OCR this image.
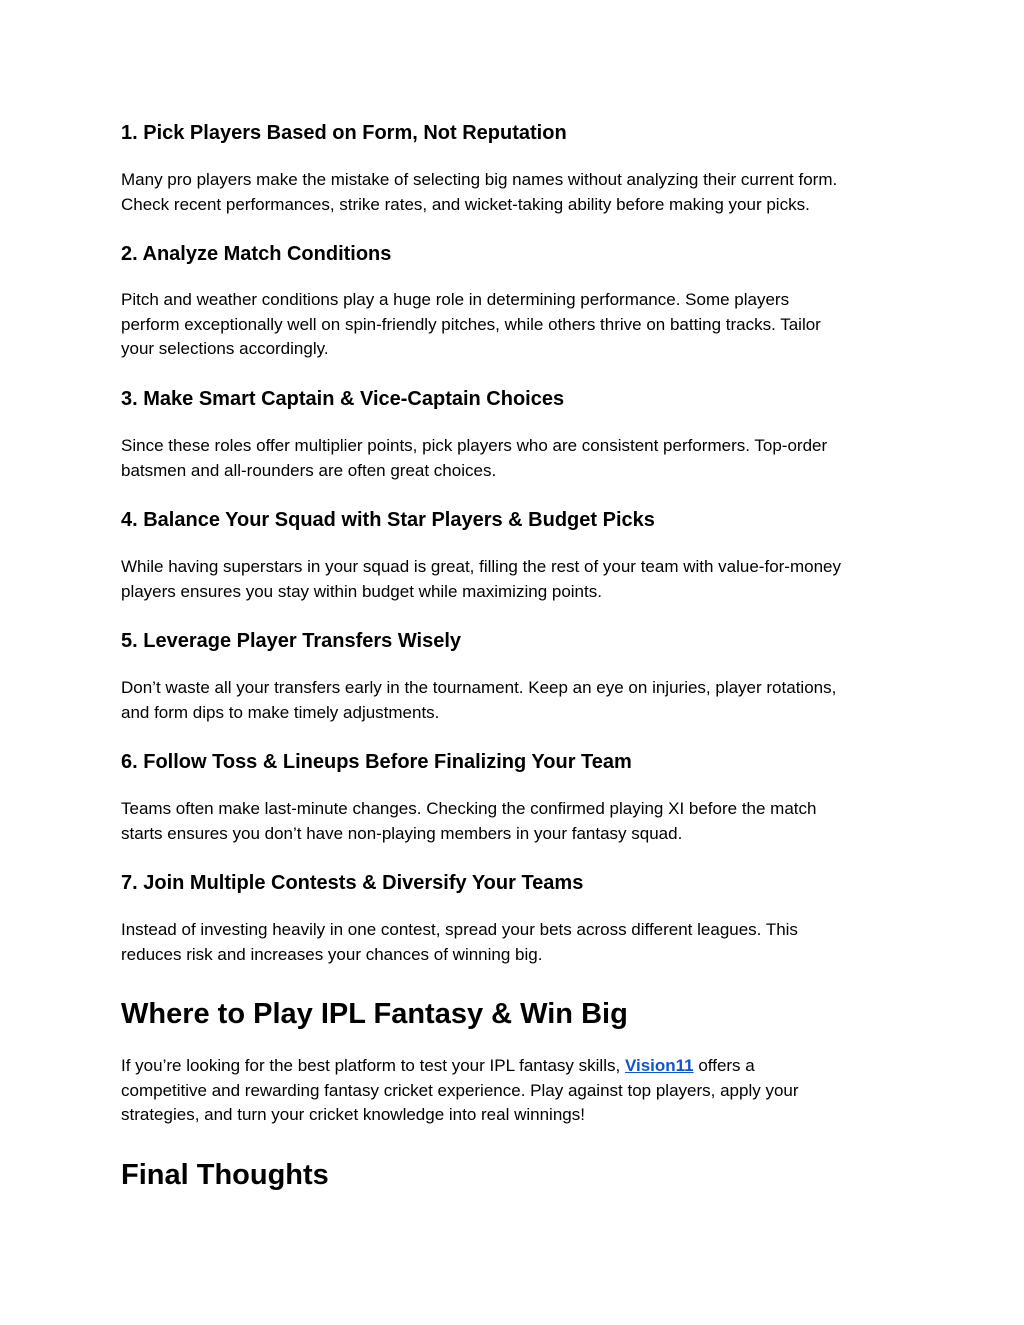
1. Pick Players Based on Form, Not Reputation
Many pro players make the mistake of selecting big names without analyzing their current form.
Check recent performances, strike rates, and wicket-taking ability before making your picks.
2. Analyze Match Conditions
Pitch and weather conditions play a huge role in determining performance. Some players
perform exceptionally well on spin-friendly pitches, while others thrive on batting tracks. Tailor
your selections accordingly.
3. Make Smart Captain & Vice-Captain Choices
Since these roles offer multiplier points, pick players who are consistent performers. Top-order
batsmen and all-rounders are often great choices.
4. Balance Your Squad with Star Players & Budget Picks
While having superstars in your squad is great, filling the rest of your team with value-for-money
players ensures you stay within budget while maximizing points.
5. Leverage Player Transfers Wisely
Don’t waste all your transfers early in the tournament. Keep an eye on injuries, player rotations,
and form dips to make timely adjustments.
6. Follow Toss & Lineups Before Finalizing Your Team
Teams often make last-minute changes. Checking the confirmed playing XI before the match
starts ensures you don’t have non-playing members in your fantasy squad.
7. Join Multiple Contests & Diversify Your Teams
Instead of investing heavily in one contest, spread your bets across different leagues. This
reduces risk and increases your chances of winning big.
Where to Play IPL Fantasy & Win Big
If you’re looking for the best platform to test your IPL fantasy skills, Vision11 offers a
competitive and rewarding fantasy cricket experience. Play against top players, apply your
strategies, and turn your cricket knowledge into real winnings!
Final Thoughts
